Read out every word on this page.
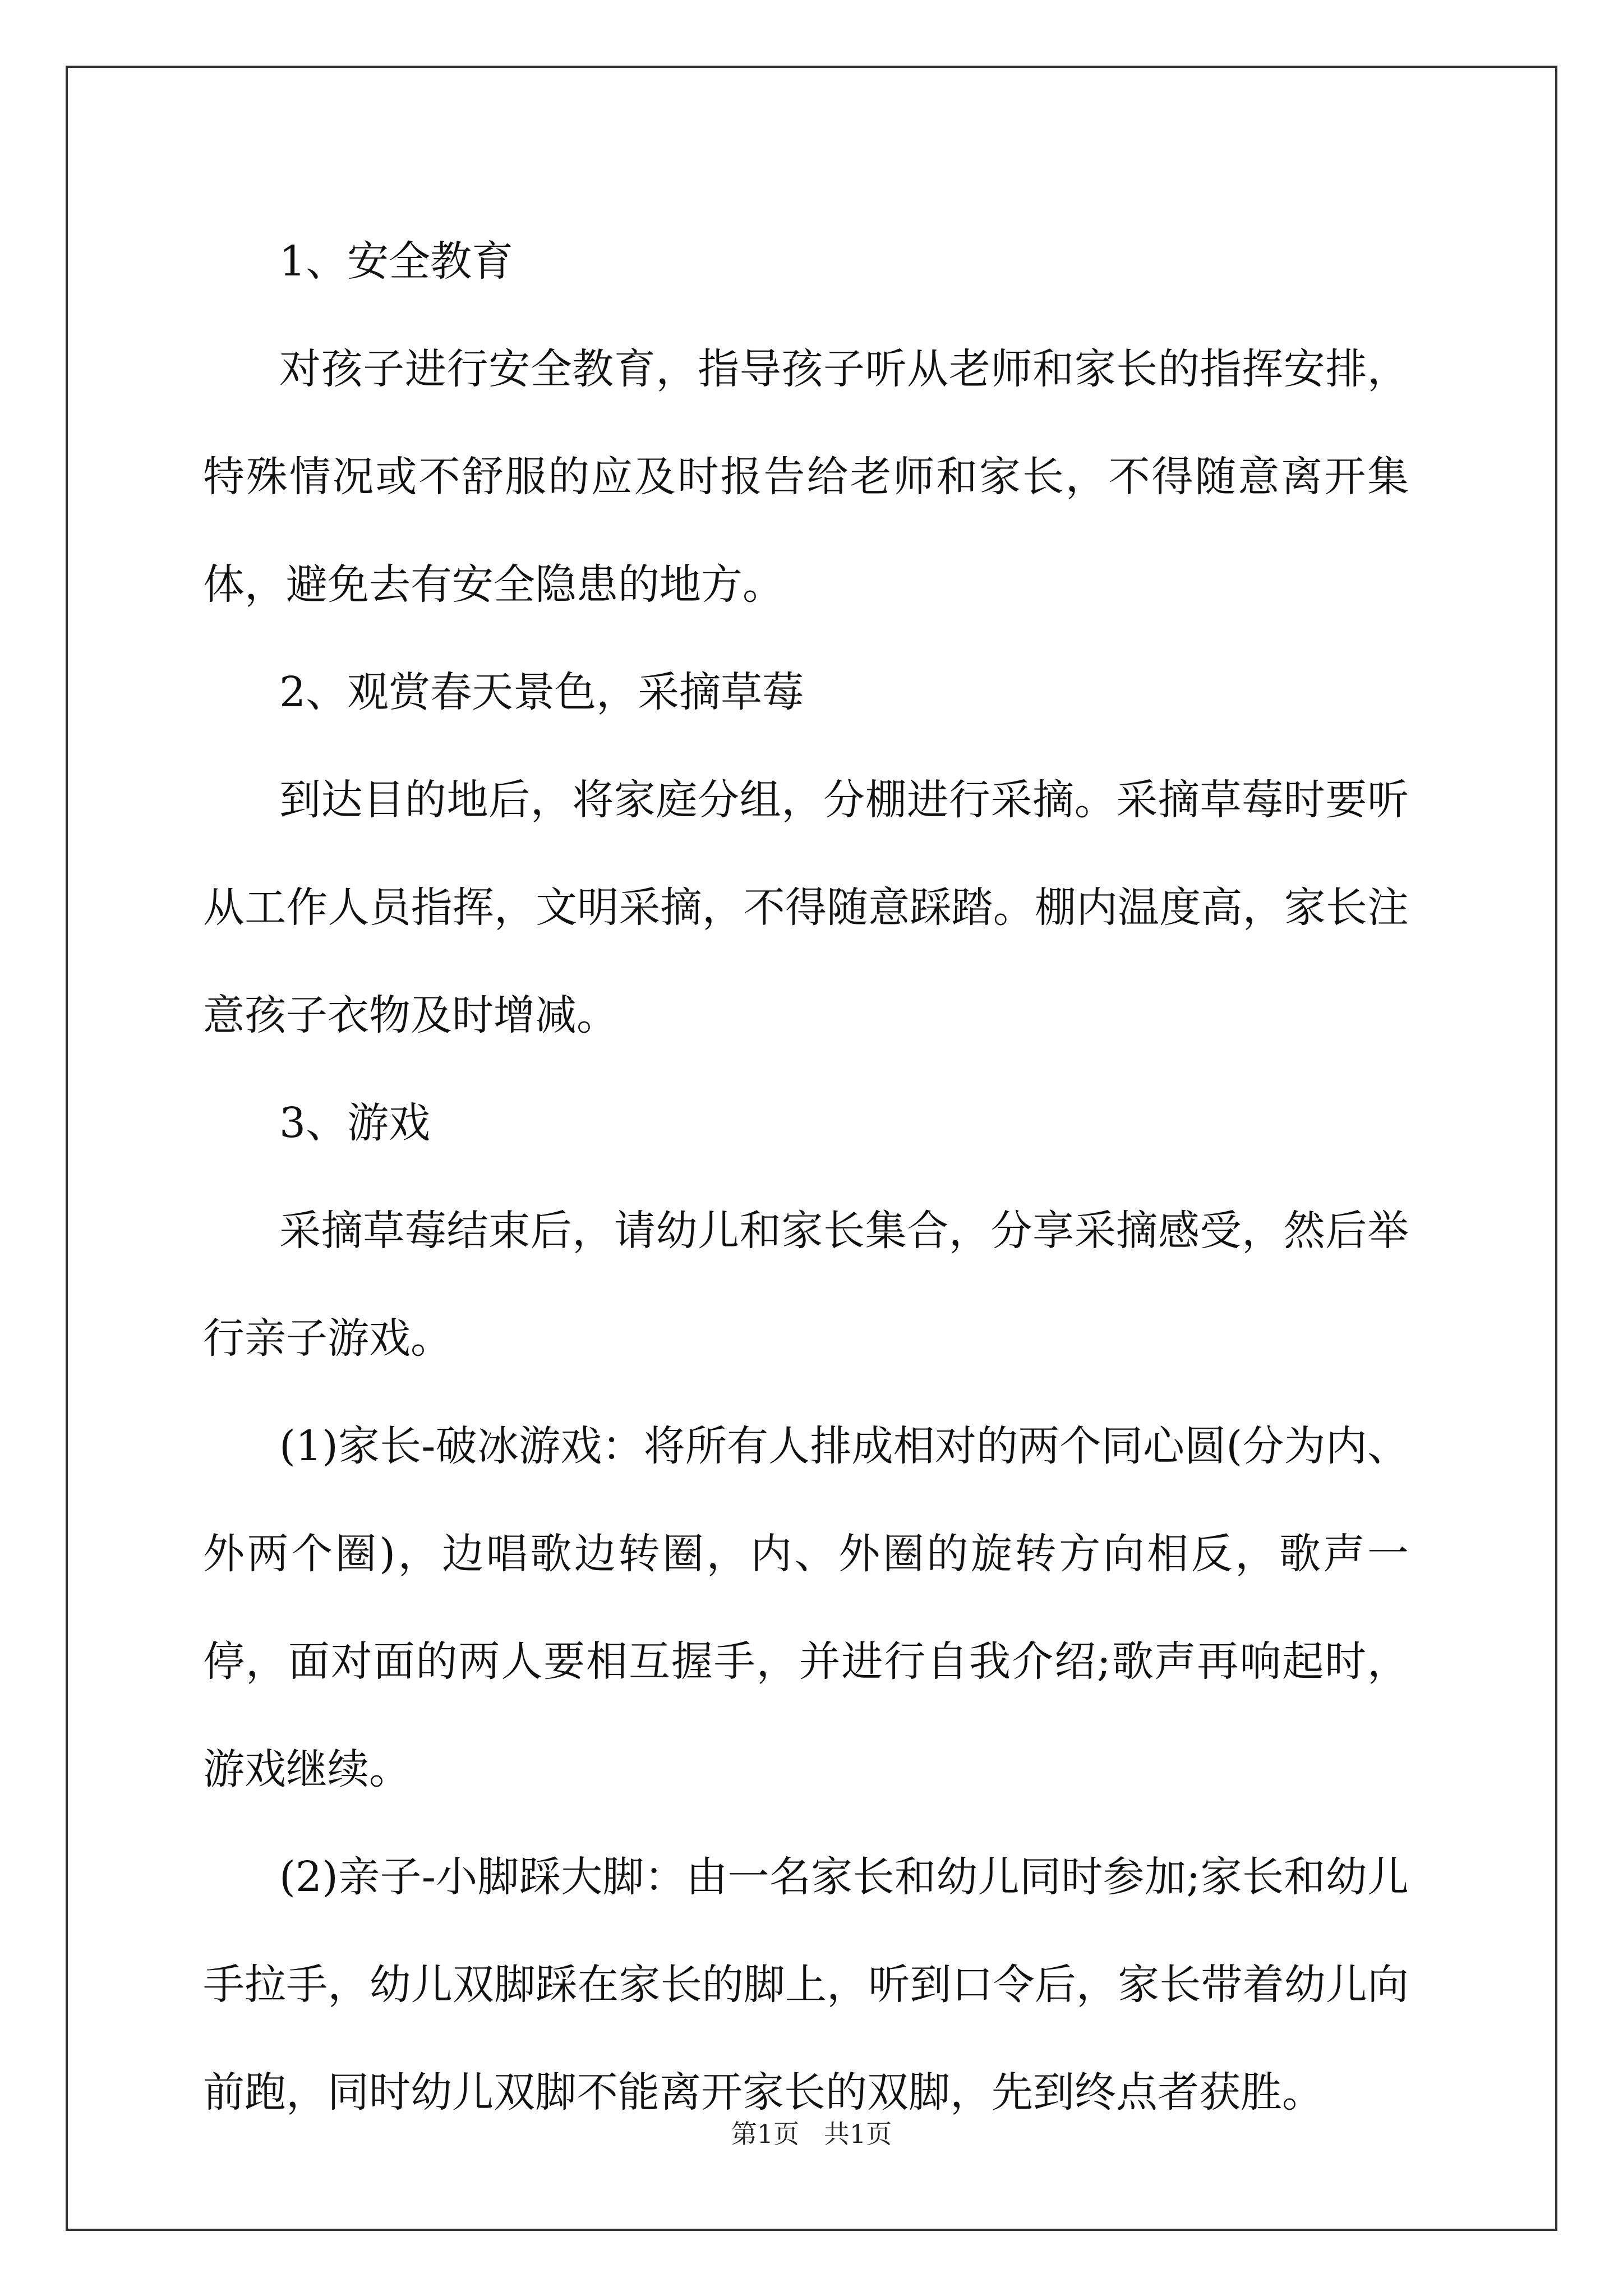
1、安全教育

对孩子进行安全教育，指导孩子听从老师和家长的指挥安排，特殊情况或不舒服的应及时报告给老师和家长，不得随意离开集体，避免去有安全隐患的地方。

2、观赏春天景色，采摘草莓

到达目的地后，将家庭分组，分棚进行采摘。采摘草莓时要听从工作人员指挥，文明采摘，不得随意踩踏。棚内温度高，家长注意孩子衣物及时增减。

3、游戏

采摘草莓结束后，请幼儿和家长集合，分享采摘感受，然后举行亲子游戏。

(1)家长-破冰游戏：将所有人排成相对的两个同心圆(分为内、外两个圈)，边唱歌边转圈，内、外圈的旋转方向相反，歌声一停，面对面的两人要相互握手，并进行自我介绍;歌声再响起时，游戏继续。

(2)亲子-小脚踩大脚：由一名家长和幼儿同时参加;家长和幼儿手拉手，幼儿双脚踩在家长的脚上，听到口令后，家长带着幼儿向前跑，同时幼儿双脚不能离开家长的双脚，先到终点者获胜。

第1页   共1页
